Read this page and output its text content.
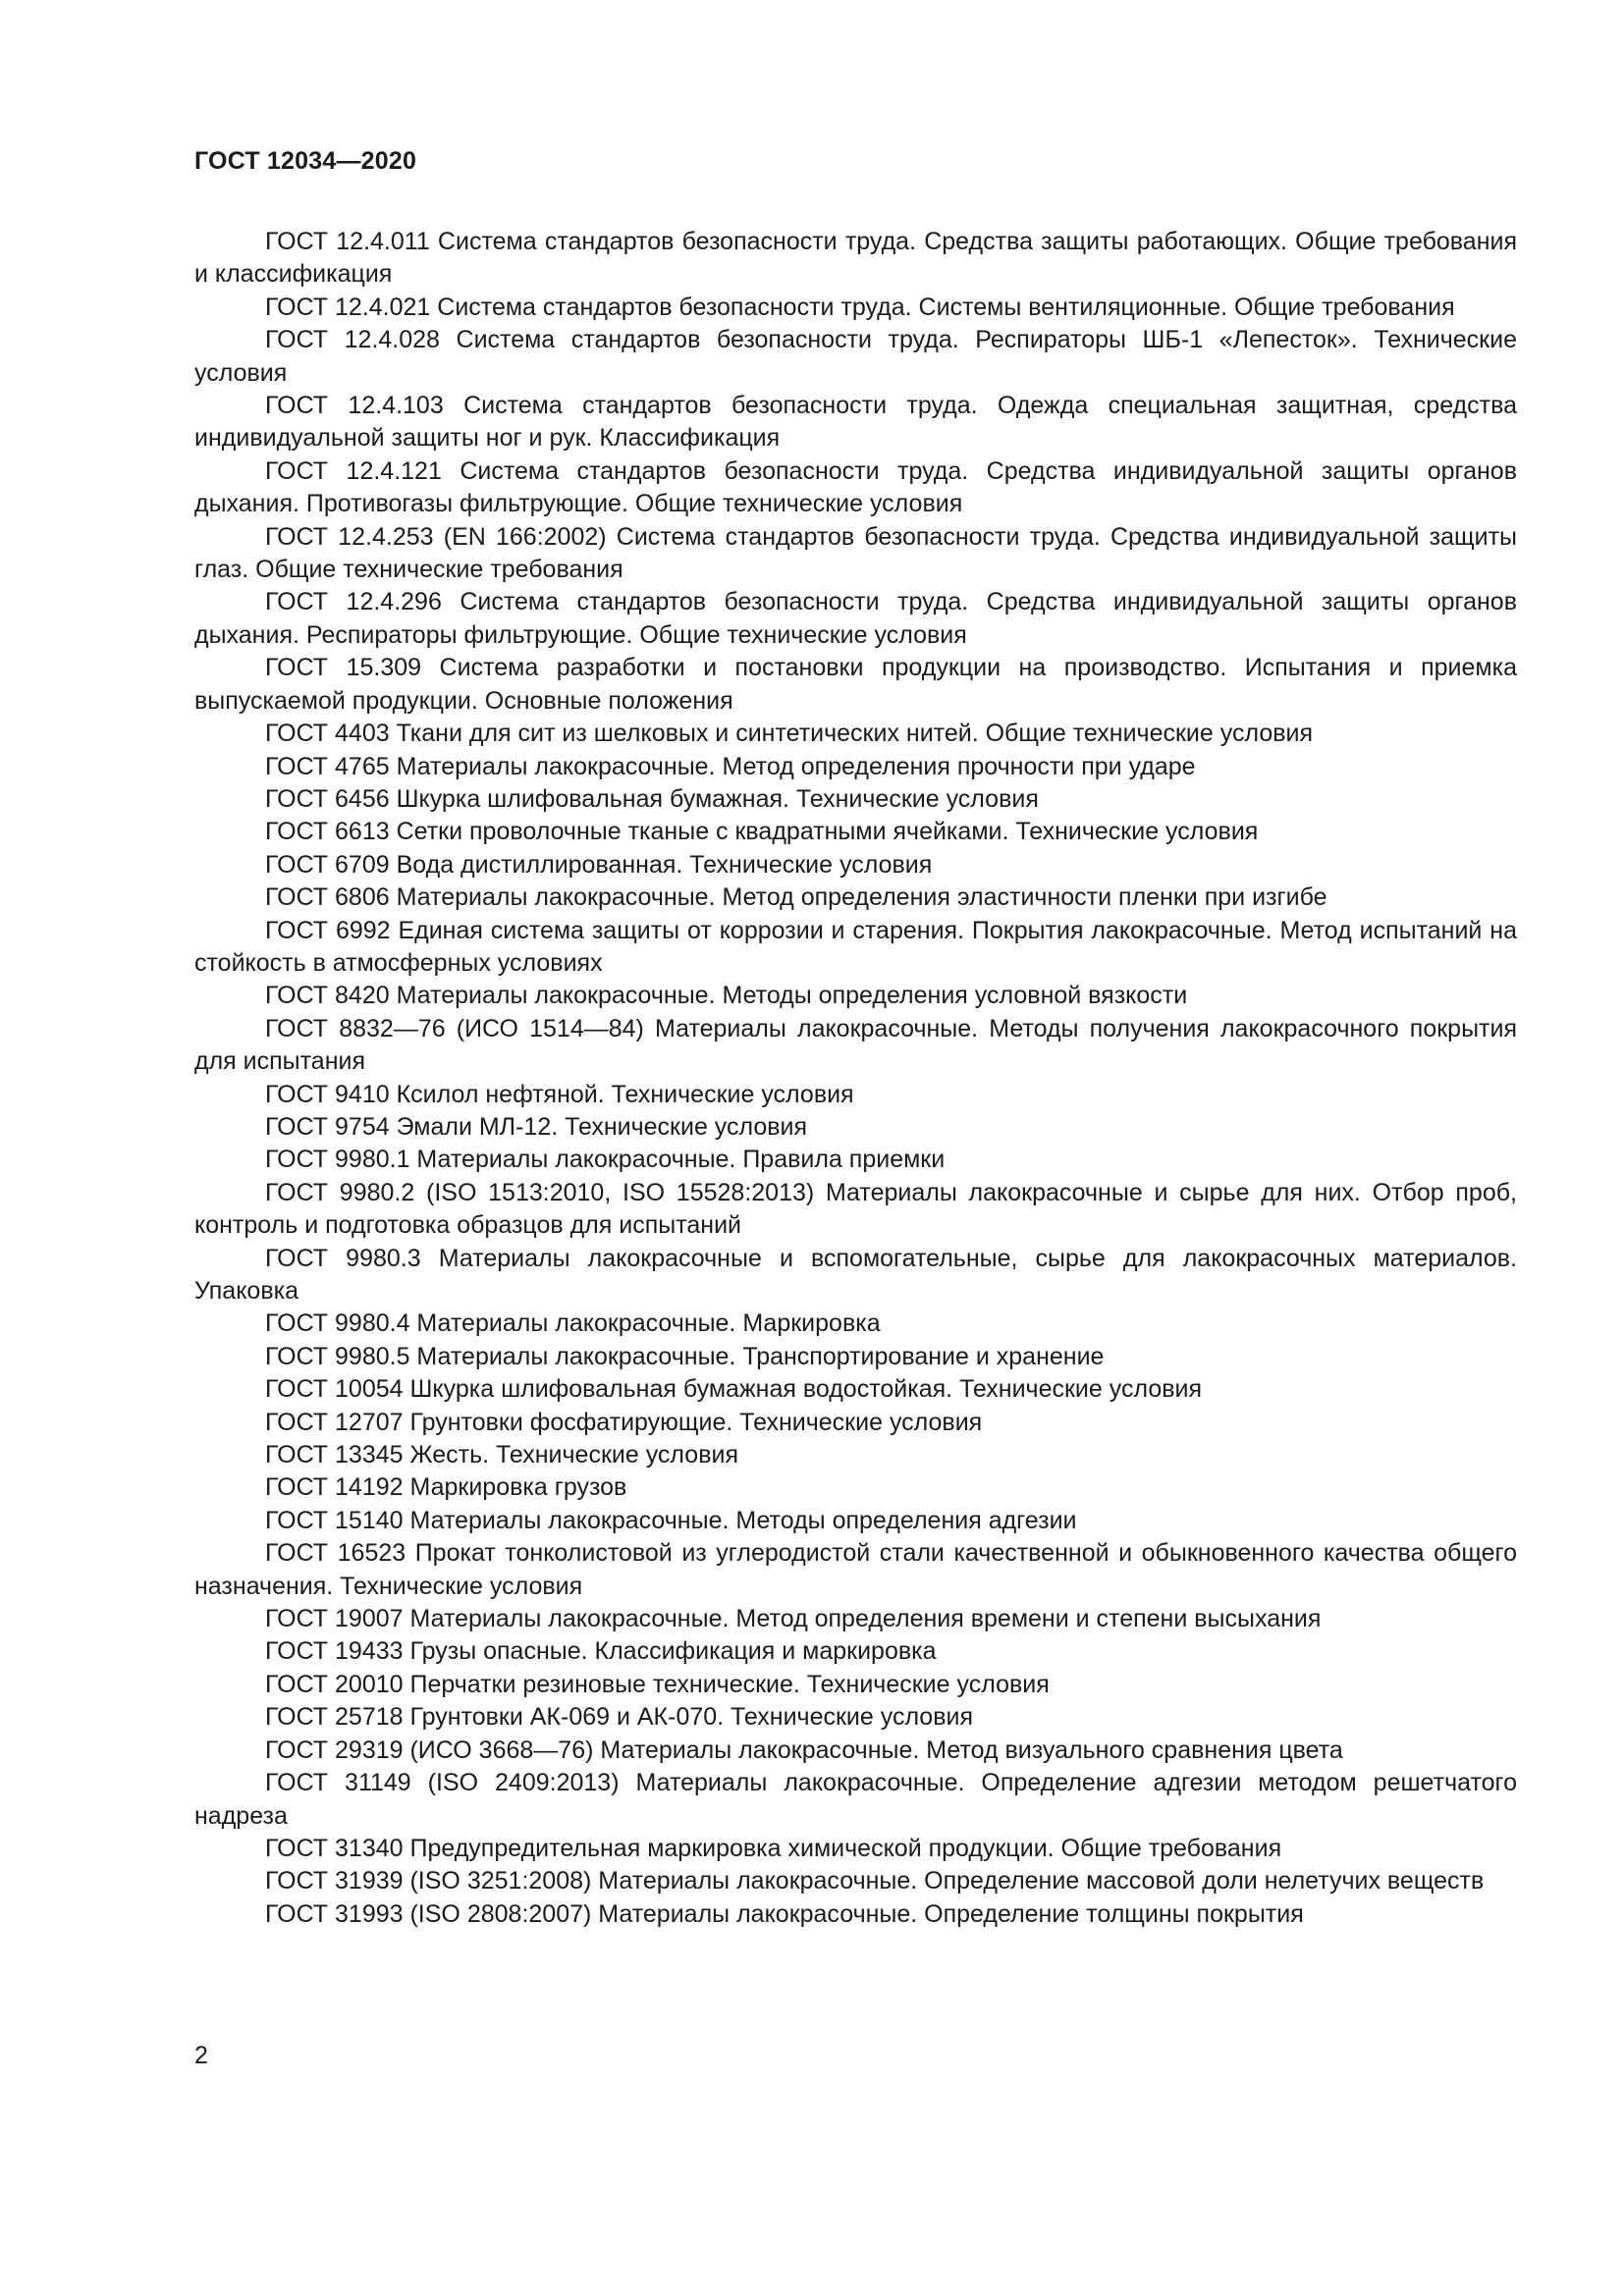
ГОСТ 12034—2020
ГОСТ 12.4.011 Система стандартов безопасности труда. Средства защиты работающих. Общие требования и классификация
ГОСТ 12.4.021 Система стандартов безопасности труда. Системы вентиляционные. Общие требования
ГОСТ 12.4.028 Система стандартов безопасности труда. Респираторы ШБ-1 «Лепесток». Технические условия
ГОСТ 12.4.103 Система стандартов безопасности труда. Одежда специальная защитная, средства индивидуальной защиты ног и рук. Классификация
ГОСТ 12.4.121 Система стандартов безопасности труда. Средства индивидуальной защиты органов дыхания. Противогазы фильтрующие. Общие технические условия
ГОСТ 12.4.253 (EN 166:2002) Система стандартов безопасности труда. Средства индивидуальной защиты глаз. Общие технические требования
ГОСТ 12.4.296 Система стандартов безопасности труда. Средства индивидуальной защиты органов дыхания. Респираторы фильтрующие. Общие технические условия
ГОСТ 15.309 Система разработки и постановки продукции на производство. Испытания и приемка выпускаемой продукции. Основные положения
ГОСТ 4403 Ткани для сит из шелковых и синтетических нитей. Общие технические условия
ГОСТ 4765 Материалы лакокрасочные. Метод определения прочности при ударе
ГОСТ 6456 Шкурка шлифовальная бумажная. Технические условия
ГОСТ 6613 Сетки проволочные тканые с квадратными ячейками. Технические условия
ГОСТ 6709 Вода дистиллированная. Технические условия
ГОСТ 6806 Материалы лакокрасочные. Метод определения эластичности пленки при изгибе
ГОСТ 6992 Единая система защиты от коррозии и старения. Покрытия лакокрасочные. Метод испытаний на стойкость в атмосферных условиях
ГОСТ 8420 Материалы лакокрасочные. Методы определения условной вязкости
ГОСТ 8832—76 (ИСО 1514—84) Материалы лакокрасочные. Методы получения лакокрасочного покрытия для испытания
ГОСТ 9410 Ксилол нефтяной. Технические условия
ГОСТ 9754 Эмали МЛ-12. Технические условия
ГОСТ 9980.1 Материалы лакокрасочные. Правила приемки
ГОСТ 9980.2 (ISO 1513:2010, ISO 15528:2013) Материалы лакокрасочные и сырье для них. Отбор проб, контроль и подготовка образцов для испытаний
ГОСТ 9980.3 Материалы лакокрасочные и вспомогательные, сырье для лакокрасочных материалов. Упаковка
ГОСТ 9980.4 Материалы лакокрасочные. Маркировка
ГОСТ 9980.5 Материалы лакокрасочные. Транспортирование и хранение
ГОСТ 10054 Шкурка шлифовальная бумажная водостойкая. Технические условия
ГОСТ 12707 Грунтовки фосфатирующие. Технические условия
ГОСТ 13345 Жесть. Технические условия
ГОСТ 14192 Маркировка грузов
ГОСТ 15140 Материалы лакокрасочные. Методы определения адгезии
ГОСТ 16523 Прокат тонколистовой из углеродистой стали качественной и обыкновенного качества общего назначения. Технические условия
ГОСТ 19007 Материалы лакокрасочные. Метод определения времени и степени высыхания
ГОСТ 19433 Грузы опасные. Классификация и маркировка
ГОСТ 20010 Перчатки резиновые технические. Технические условия
ГОСТ 25718 Грунтовки АК-069 и АК-070. Технические условия
ГОСТ 29319 (ИСО 3668—76) Материалы лакокрасочные. Метод визуального сравнения цвета
ГОСТ 31149 (ISO 2409:2013) Материалы лакокрасочные. Определение адгезии методом решетчатого надреза
ГОСТ 31340 Предупредительная маркировка химической продукции. Общие требования
ГОСТ 31939 (ISO 3251:2008) Материалы лакокрасочные. Определение массовой доли нелетучих веществ
ГОСТ 31993 (ISO 2808:2007) Материалы лакокрасочные. Определение толщины покрытия
2
